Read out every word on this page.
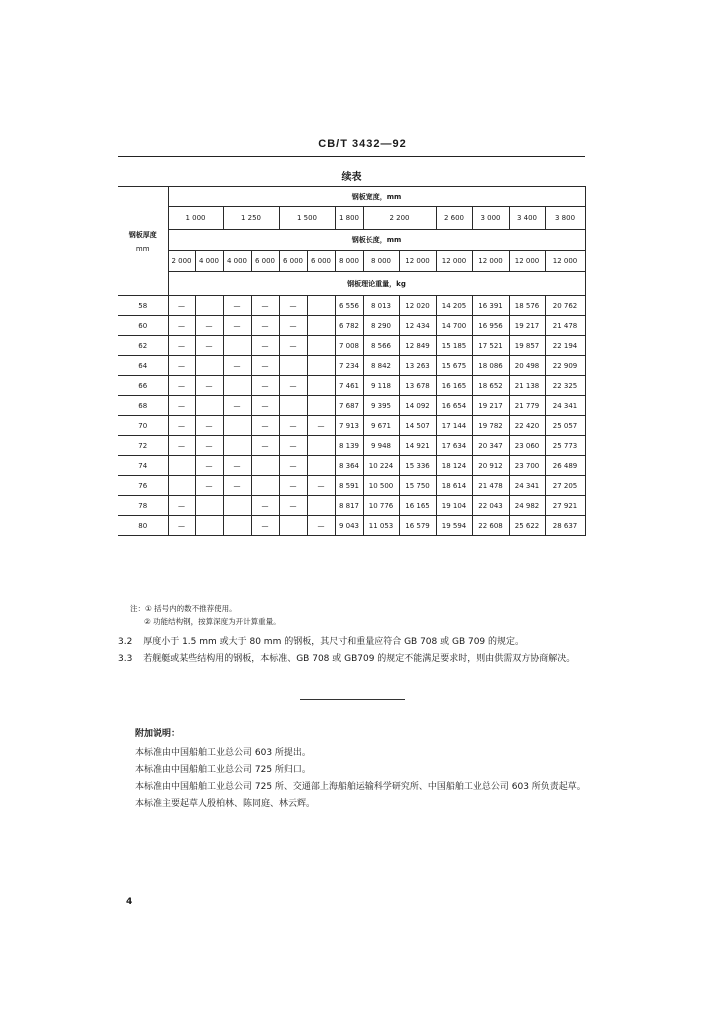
CB/T 3432—92
续表
钢板厚度
mm	钢板宽度，mm												
	1 000		1 250		1 500		1 800	2 200		2 600	3 000	3 400	3 800
	钢板长度，mm												
	2 000	4 000	4 000	6 000	6 000	6 000	8 000	8 000	12 000	12 000	12 000	12 000	12 000
	钢板理论重量，kg												
58	—		—	—	—		6 556	8 013	12 020	14 205	16 391	18 576	20 762
60	—	—	—	—	—		6 782	8 290	12 434	14 700	16 956	19 217	21 478
62	—	—		—	—		7 008	8 566	12 849	15 185	17 521	19 857	22 194
64	—		—	—			7 234	8 842	13 263	15 675	18 086	20 498	22 909
66	—	—		—	—		7 461	9 118	13 678	16 165	18 652	21 138	22 325
68	—		—	—			7 687	9 395	14 092	16 654	19 217	21 779	24 341
70	—	—		—	—	—	7 913	9 671	14 507	17 144	19 782	22 420	25 057
72	—	—		—	—		8 139	9 948	14 921	17 634	20 347	23 060	25 773
74		—	—		—		8 364	10 224	15 336	18 124	20 912	23 700	26 489
76		—	—		—	—	8 591	10 500	15 750	18 614	21 478	24 341	27 205
78	—			—	—		8 817	10 776	16 165	19 104	22 043	24 982	27 921
80	—			—		—	9 043	11 053	16 579	19 594	22 608	25 622	28 637
注：① 括号内的数不推荐使用。
② 功能结构钢，按算深度为开计算重量。
3.2 厚度小于 1.5 mm 或大于 80 mm 的钢板，其尺寸和重量应符合 GB 708 或 GB 709 的规定。
3.3 若舰艇或某些结构用的钢板，本标准、GB 708 或 GB709 的规定不能满足要求时，则由供需双方协商解决。
附加说明：
本标准由中国船舶工业总公司 603 所提出。
本标准由中国船舶工业总公司 725 所归口。
本标准由中国船舶工业总公司 725 所、交通部上海船舶运输科学研究所、中国船舶工业总公司 603 所负责起草。
本标准主要起草人殷柏林、陈同庭、林云辉。
4
